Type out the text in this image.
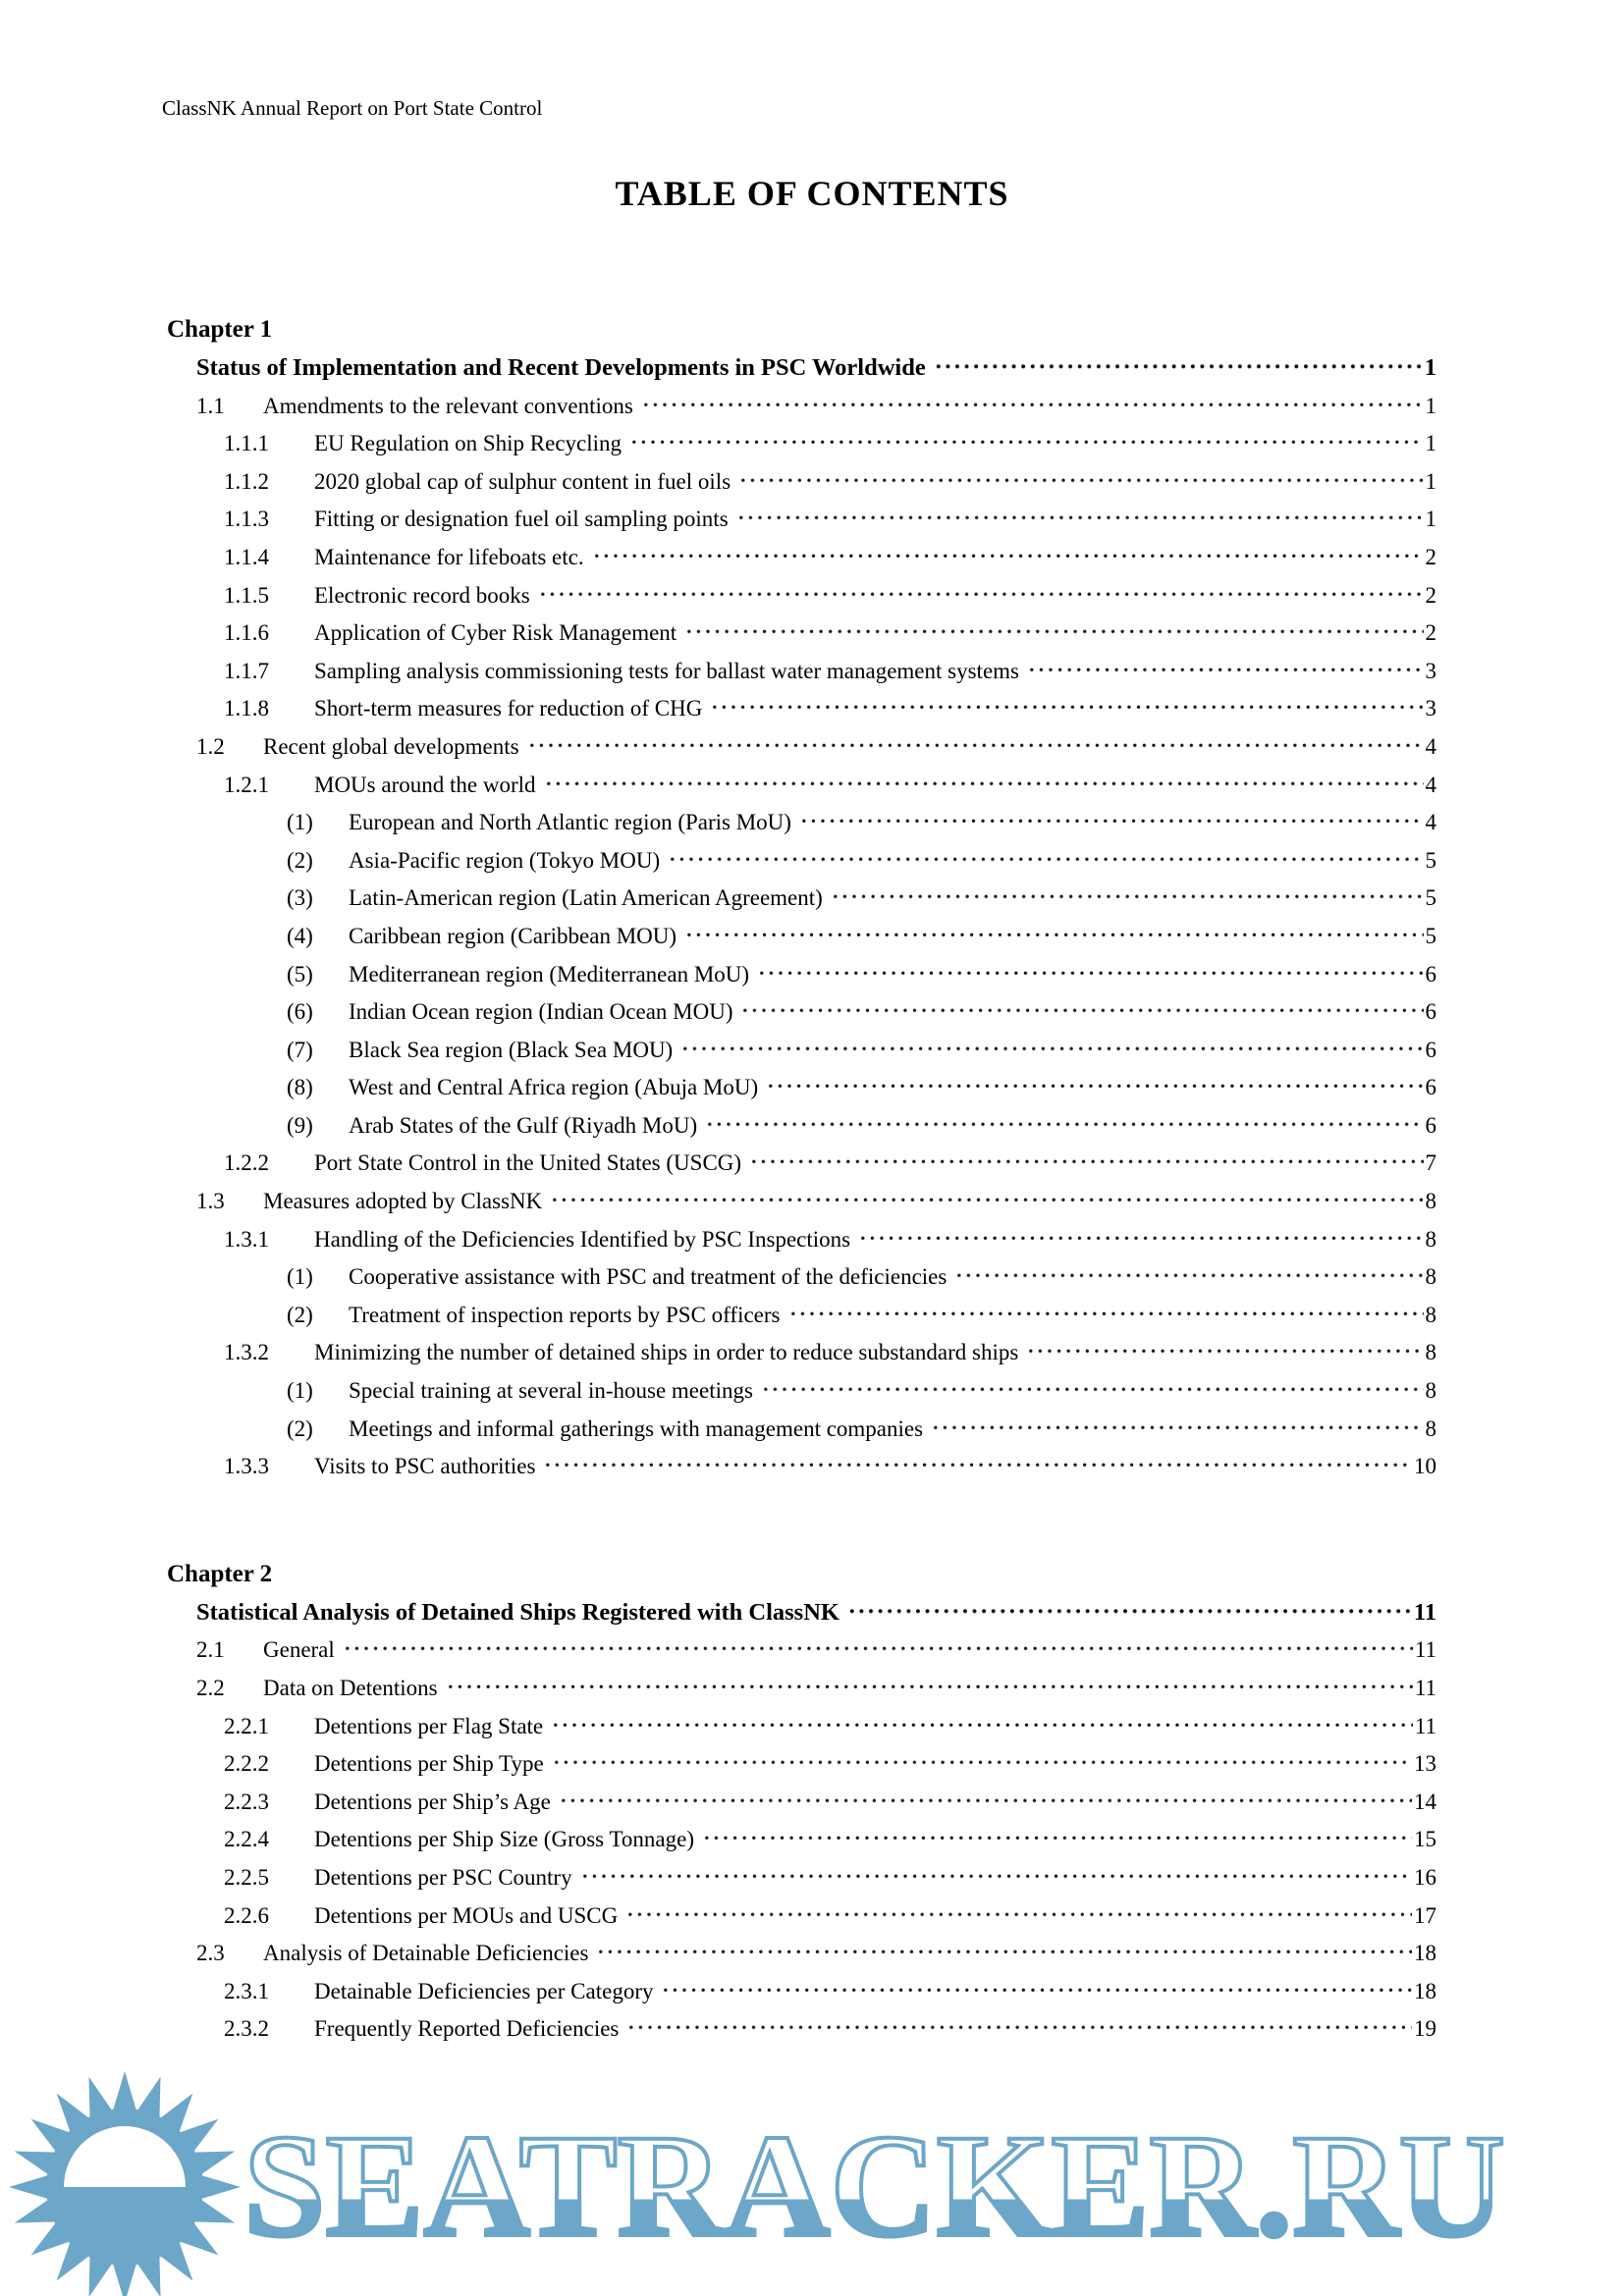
ClassNK Annual Report on Port State Control
TABLE OF CONTENTS
Chapter 1
Status of Implementation and Recent Developments in PSC Worldwide	1
1.1	Amendments to the relevant conventions	1
1.1.1	EU Regulation on Ship Recycling	1
1.1.2	2020 global cap of sulphur content in fuel oils	1
1.1.3	Fitting or designation fuel oil sampling points	1
1.1.4	Maintenance for lifeboats etc.	2
1.1.5	Electronic record books	2
1.1.6	Application of Cyber Risk Management	2
1.1.7	Sampling analysis commissioning tests for ballast water management systems	3
1.1.8	Short-term measures for reduction of CHG	3
1.2	Recent global developments	4
1.2.1	MOUs around the world	4
(1)	European and North Atlantic region (Paris MoU)	4
(2)	Asia-Pacific region (Tokyo MOU)	5
(3)	Latin-American region (Latin American Agreement)	5
(4)	Caribbean region (Caribbean MOU)	5
(5)	Mediterranean region (Mediterranean MoU)	6
(6)	Indian Ocean region (Indian Ocean MOU)	6
(7)	Black Sea region (Black Sea MOU)	6
(8)	West and Central Africa region (Abuja MoU)	6
(9)	Arab States of the Gulf (Riyadh MoU)	6
1.2.2	Port State Control in the United States (USCG)	7
1.3	Measures adopted by ClassNK	8
1.3.1	Handling of the Deficiencies Identified by PSC Inspections	8
(1)	Cooperative assistance with PSC and treatment of the deficiencies	8
(2)	Treatment of inspection reports by PSC officers	8
1.3.2	Minimizing the number of detained ships in order to reduce substandard ships	8
(1)	Special training at several in-house meetings	8
(2)	Meetings and informal gatherings with management companies	8
1.3.3	Visits to PSC authorities	10
Chapter 2
Statistical Analysis of Detained Ships Registered with ClassNK	11
2.1	General	11
2.2	Data on Detentions	11
2.2.1	Detentions per Flag State	11
2.2.2	Detentions per Ship Type	13
2.2.3	Detentions per Ship’s Age	14
2.2.4	Detentions per Ship Size (Gross Tonnage)	15
2.2.5	Detentions per PSC Country	16
2.2.6	Detentions per MOUs and USCG	17
2.3	Analysis of Detainable Deficiencies	18
2.3.1	Detainable Deficiencies per Category	18
2.3.2	Frequently Reported Deficiencies	19
SEATRACKER.RU
